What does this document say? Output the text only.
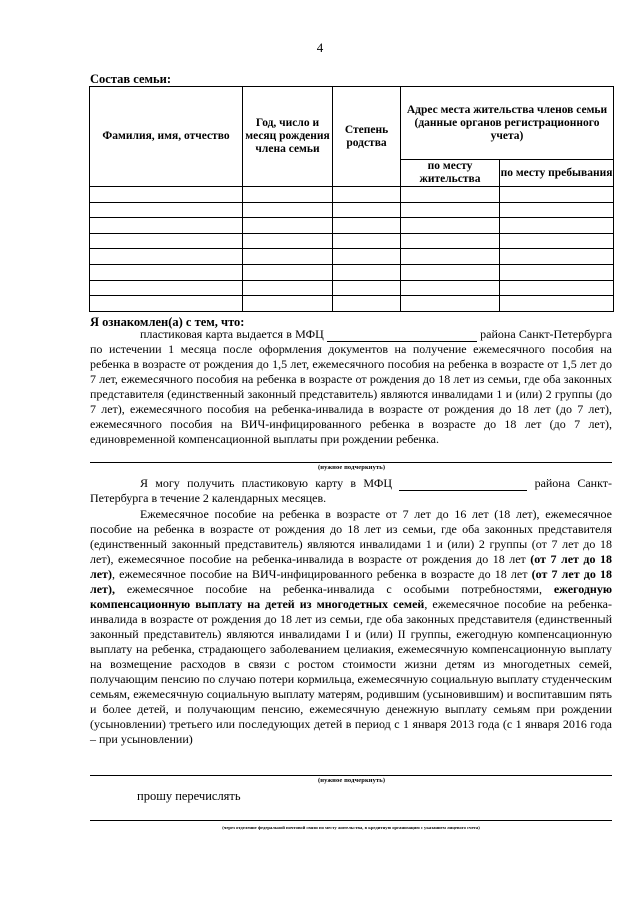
4
Состав семьи:
Фамилия, имя, отчество	Год, число и месяц рождения члена семьи	Степень родства	Адрес места жительства членов семьи (данные органов регистрационного учета)	
			по месту жительства	по месту пребывания

Я ознакомлен(а) с тем, что:
пластиковая карта выдается в МФЦ	района Санкт-Петербурга по истечении 1 месяца после оформления документов на получение ежемесячного пособия на ребенка в возрасте от рождения до 1,5 лет, ежемесячного пособия на ребенка в возрасте от 1,5 лет до 7 лет, ежемесячного пособия на ребенка в возрасте от рождения до 18 лет из семьи, где оба законных представителя (единственный законный представитель) являются инвалидами 1 и (или) 2 группы (до 7 лет), ежемесячного пособия на ребенка-инвалида в возрасте от рождения до 18 лет (до 7 лет), ежемесячного пособия на ВИЧ-инфицированного ребенка в возрасте до 18 лет (до 7 лет), единовременной компенсационной выплаты при рождении ребенка.
(нужное подчеркнуть)
Я могу получить пластиковую карту в МФЦ	района Санкт-Петербурга в течение 2 календарных месяцев.
Ежемесячное пособие на ребенка в возрасте от 7 лет до 16 лет (18 лет), ежемесячное пособие на ребенка в возрасте от рождения до 18 лет из семьи, где оба законных представителя (единственный законный представитель) являются инвалидами 1 и (или) 2 группы (от 7 лет до 18 лет), ежемесячное пособие на ребенка-инвалида в возрасте от рождения до 18 лет (от 7 лет до 18 лет), ежемесячное пособие на ВИЧ-инфицированного ребенка в возрасте до 18 лет (от 7 лет до 18 лет), ежемесячное пособие на ребенка-инвалида с особыми потребностями, ежегодную компенсационную выплату на детей из многодетных семей, ежемесячное пособие на ребенка-инвалида в возрасте от рождения до 18 лет из семьи, где оба законных представителя (единственный законный представитель) являются инвалидами I и (или) II группы, ежегодную компенсационную выплату на ребенка, страдающего заболеванием целиакия, ежемесячную компенсационную выплату на возмещение расходов в связи с ростом стоимости жизни детям из многодетных семей, получающим пенсию по случаю потери кормильца, ежемесячную социальную выплату студенческим семьям, ежемесячную социальную выплату матерям, родившим (усыновившим) и воспитавшим пять и более детей, и получающим пенсию, ежемесячную денежную выплату семьям при рождении (усыновлении) третьего или последующих детей в период с 1 января 2013 года (с 1 января 2016 года – при усыновлении)
(нужное подчеркнуть)
прошу перечислять
(через отделение федеральной почтовой связи по месту жительства, в кредитную организацию с указанием лицевого счета)
